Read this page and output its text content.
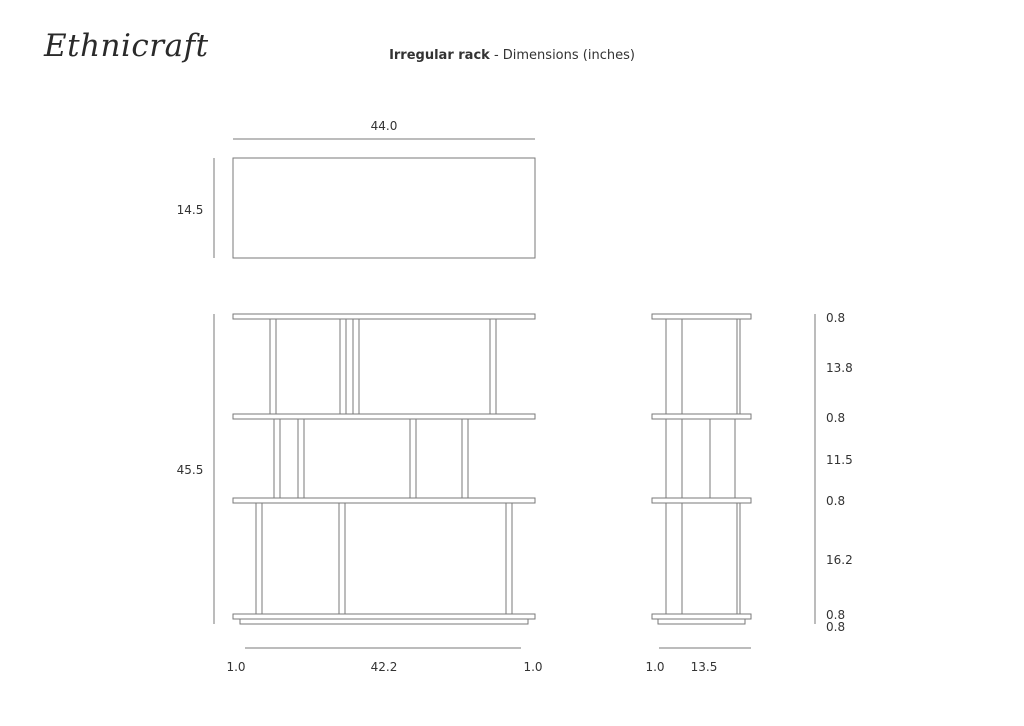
Ethnicraft	Irregular rack - Dimensions (inches)
44.0
14.5
45.5
1.0	42.2	1.0	1.0 13.5
0.8
13.8
0.8
11.5
0.8
16.2
0.8
0.8
